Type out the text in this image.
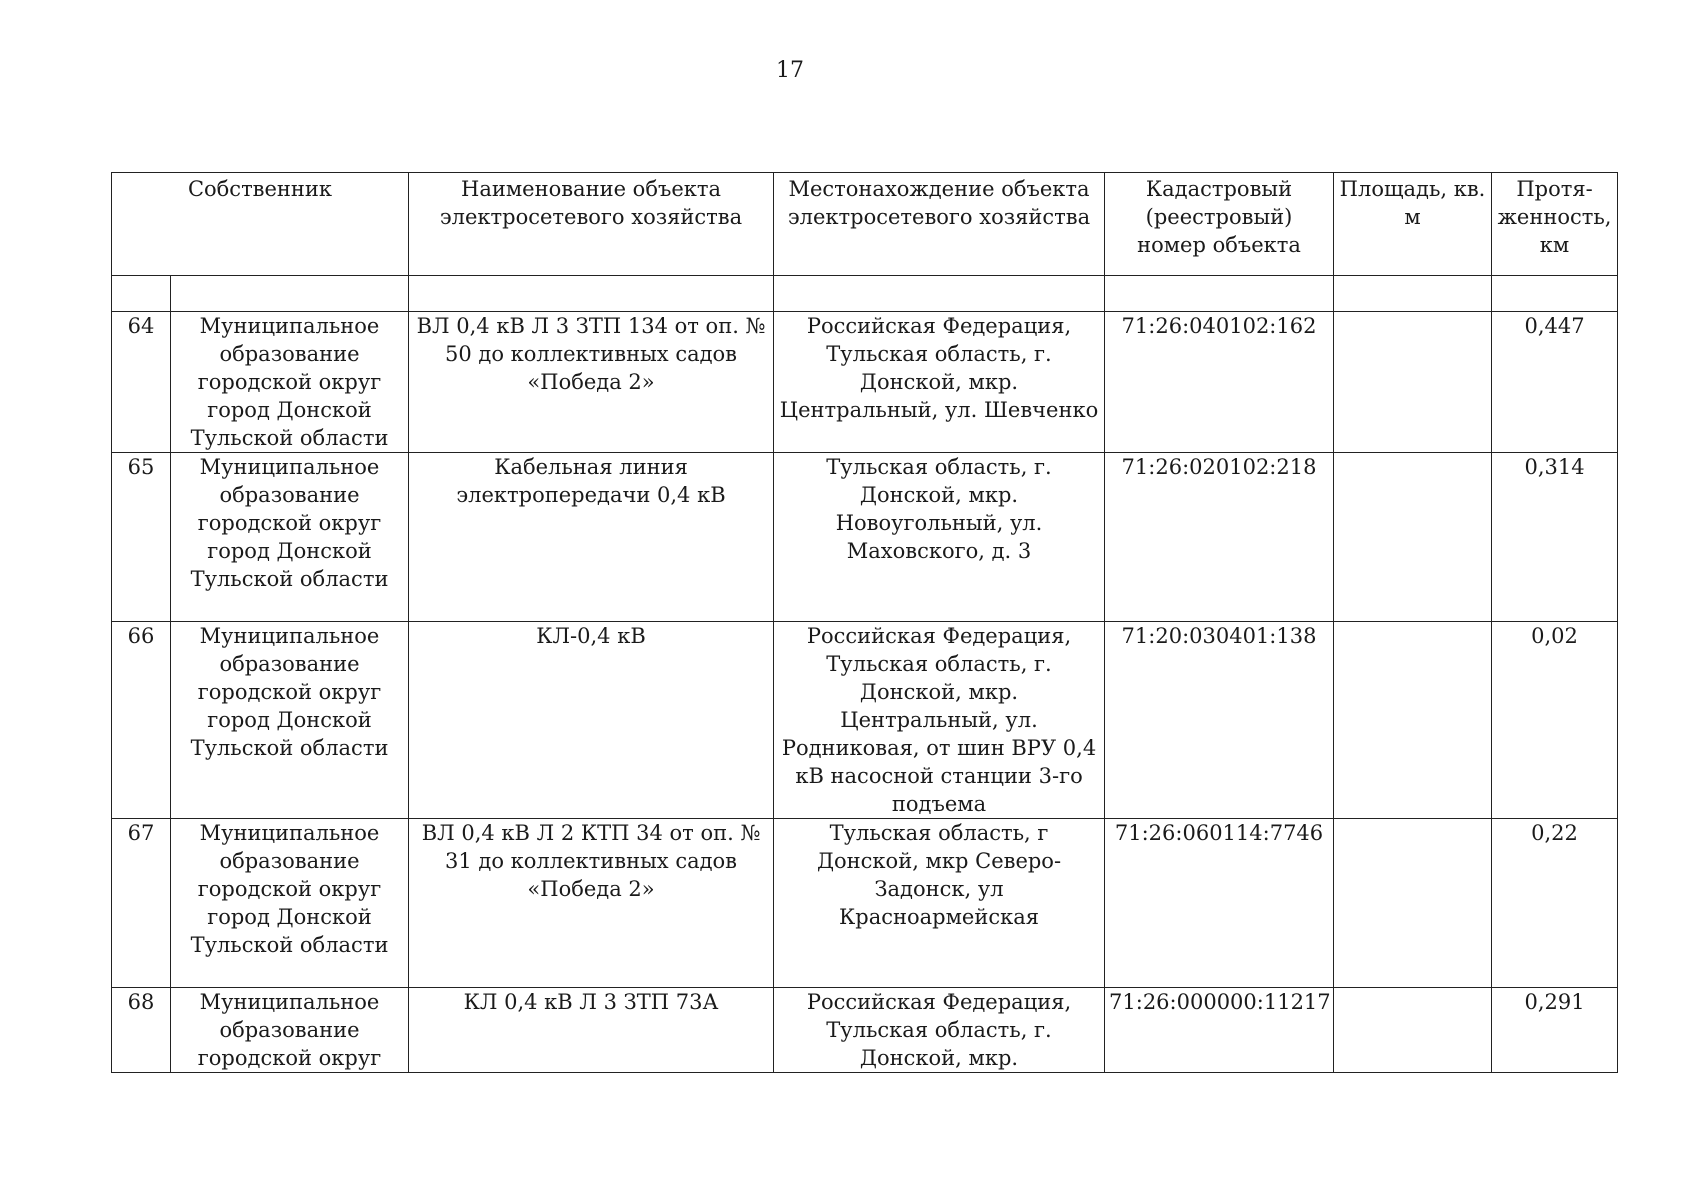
17
Собственник		Наименование объекта электросетевого хозяйства	Местонахождение объекта электросетевого хозяйства	Кадастровый (реестровый) номер объекта	Площадь, кв. м	Протя-женность, км

64	Муниципальное образование городской округ город Донской Тульской области	ВЛ 0,4 кВ Л 3 ЗТП 134 от оп. № 50 до коллективных садов «Победа 2»	Российская Федерация, Тульская область, г. Донской, мкр. Центральный, ул. Шевченко	71:26:040102:162		0,447
65	Муниципальное образование городской округ город Донской Тульской области	Кабельная линия электропередачи 0,4 кВ	Тульская область, г. Донской, мкр. Новоугольный, ул. Маховского, д. 3	71:26:020102:218		0,314
66	Муниципальное образование городской округ город Донской Тульской области	КЛ-0,4 кВ	Российская Федерация, Тульская область, г. Донской, мкр. Центральный, ул. Родниковая, от шин ВРУ 0,4 кВ насосной станции 3-го подъема	71:20:030401:138		0,02
67	Муниципальное образование городской округ город Донской Тульской области	ВЛ 0,4 кВ Л 2 КТП 34 от оп. № 31 до коллективных садов «Победа 2»	Тульская область, г Донской, мкр Северо-Задонск, ул Красноармейская	71:26:060114:7746		0,22
68	Муниципальное образование городской округ	КЛ 0,4 кВ Л 3 ЗТП 73А	Российская Федерация, Тульская область, г. Донской, мкр.	71:26:000000:11217		0,291
